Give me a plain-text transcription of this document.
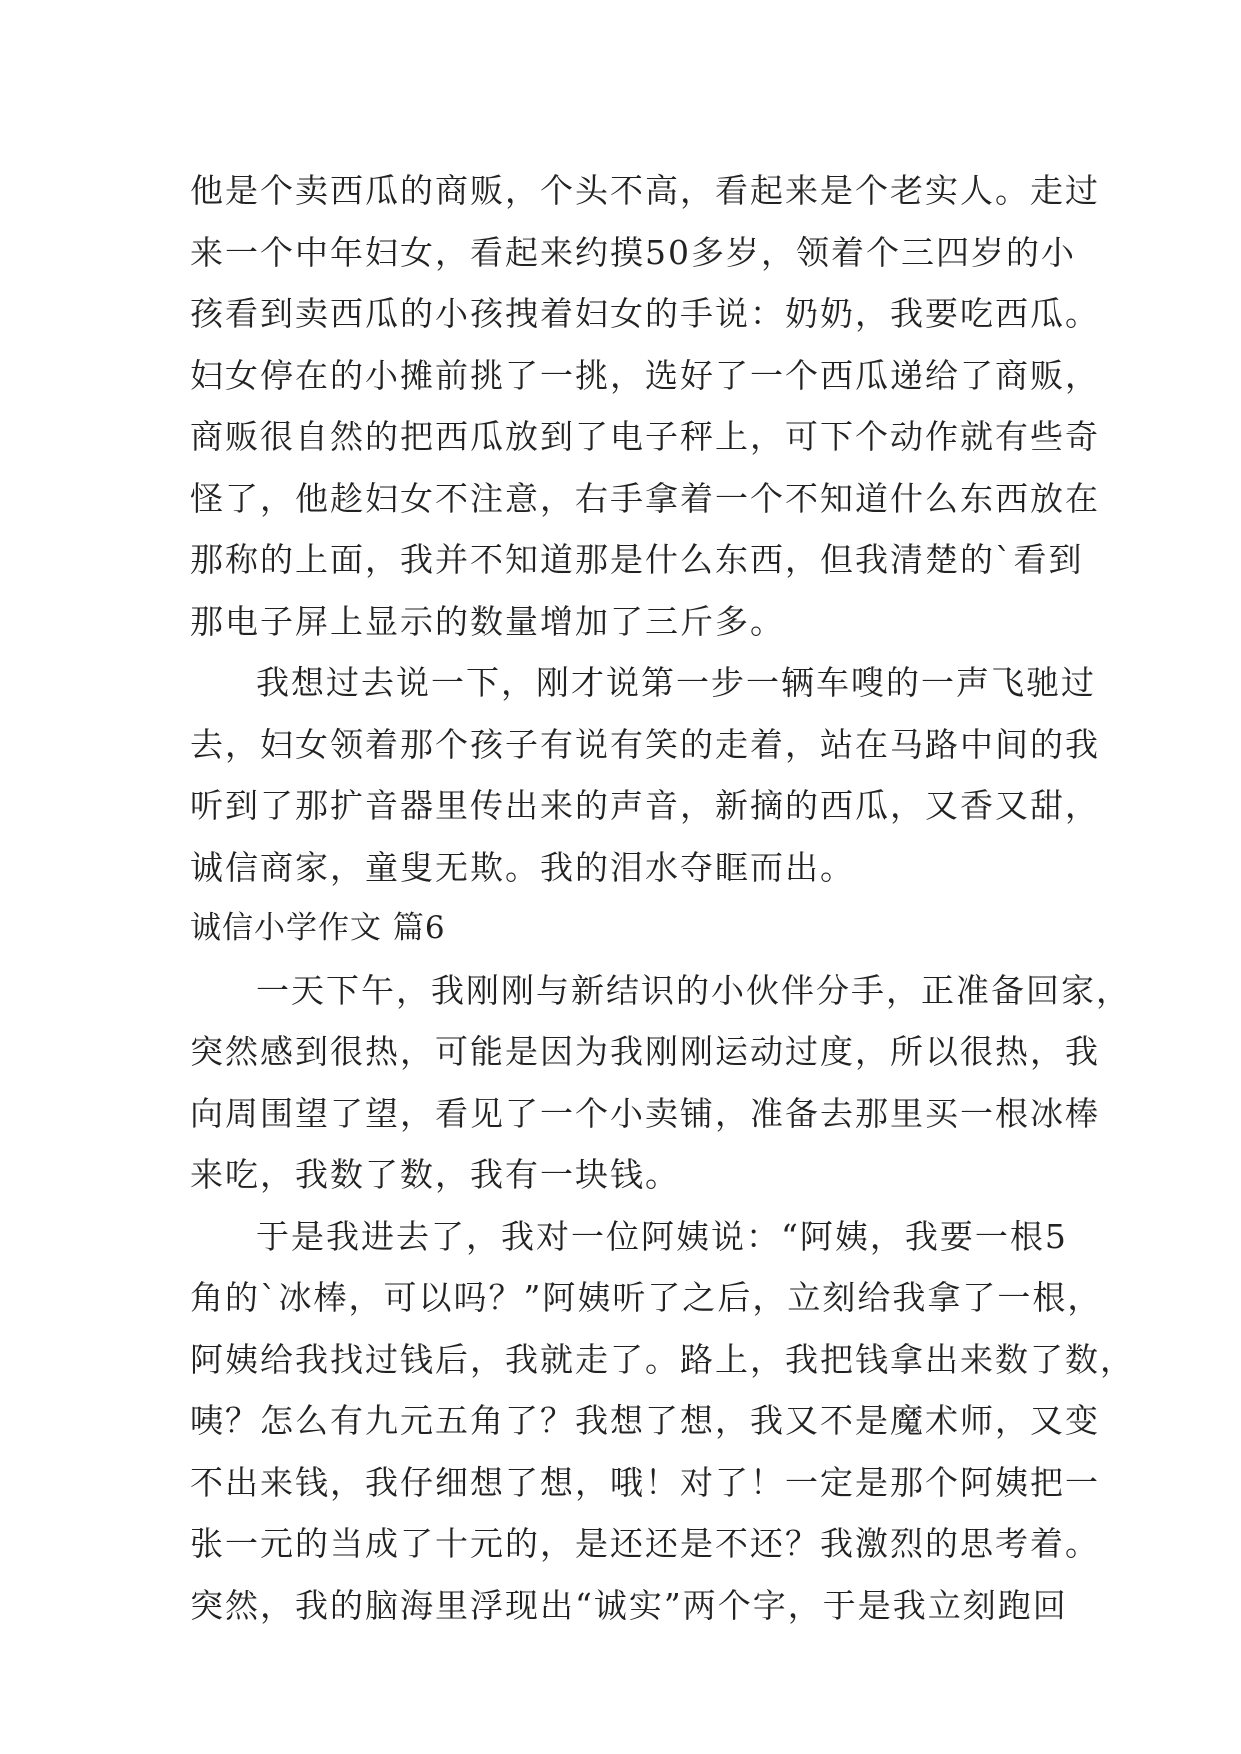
他是个卖西瓜的商贩，个头不高，看起来是个老实人。走过
来一个中年妇女，看起来约摸50多岁，领着个三四岁的小
孩看到卖西瓜的小孩拽着妇女的手说：奶奶，我要吃西瓜。
妇女停在的小摊前挑了一挑，选好了一个西瓜递给了商贩，
商贩很自然的把西瓜放到了电子秤上，可下个动作就有些奇
怪了，他趁妇女不注意，右手拿着一个不知道什么东西放在
那称的上面，我并不知道那是什么东西，但我清楚的`看到
那电子屏上显示的数量增加了三斤多。
我想过去说一下，刚才说第一步一辆车嗖的一声飞驰过
去，妇女领着那个孩子有说有笑的走着，站在马路中间的我
听到了那扩音器里传出来的声音，新摘的西瓜，又香又甜，
诚信商家，童叟无欺。我的泪水夺眶而出。
诚信小学作文 篇6
一天下午，我刚刚与新结识的小伙伴分手，正准备回家，
突然感到很热，可能是因为我刚刚运动过度，所以很热，我
向周围望了望，看见了一个小卖铺，准备去那里买一根冰棒
来吃，我数了数，我有一块钱。
于是我进去了，我对一位阿姨说：“阿姨，我要一根5
角的`冰棒，可以吗？”阿姨听了之后，立刻给我拿了一根，
阿姨给我找过钱后，我就走了。路上，我把钱拿出来数了数，
咦？怎么有九元五角了？我想了想，我又不是魔术师，又变
不出来钱，我仔细想了想，哦！对了！一定是那个阿姨把一
张一元的当成了十元的，是还还是不还？我激烈的思考着。
突然，我的脑海里浮现出“诚实”两个字，于是我立刻跑回
